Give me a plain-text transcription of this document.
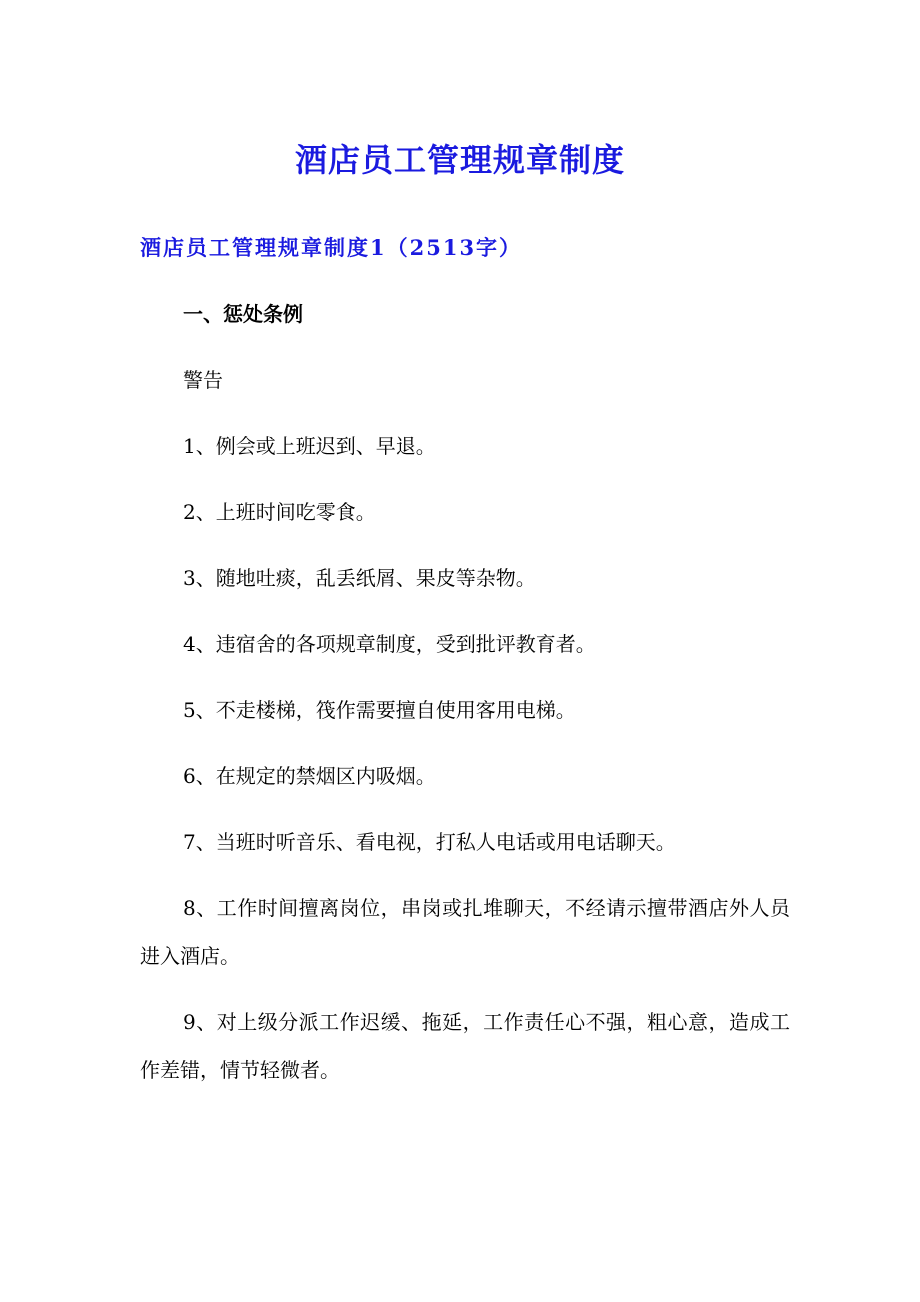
酒店员工管理规章制度
酒店员工管理规章制度1（2513字）
一、惩处条例

警告

1、例会或上班迟到、早退。

2、上班时间吃零食。

3、随地吐痰，乱丢纸屑、果皮等杂物。

4、违宿舍的各项规章制度，受到批评教育者。

5、不走楼梯，筏作需要擅自使用客用电梯。

6、在规定的禁烟区内吸烟。

7、当班时听音乐、看电视，打私人电话或用电话聊天。

8、工作时间擅离岗位，串岗或扎堆聊天，不经请示擅带酒店外人员进入酒店。

9、对上级分派工作迟缓、拖延，工作责任心不强，粗心意，造成工作差错，情节轻微者。
